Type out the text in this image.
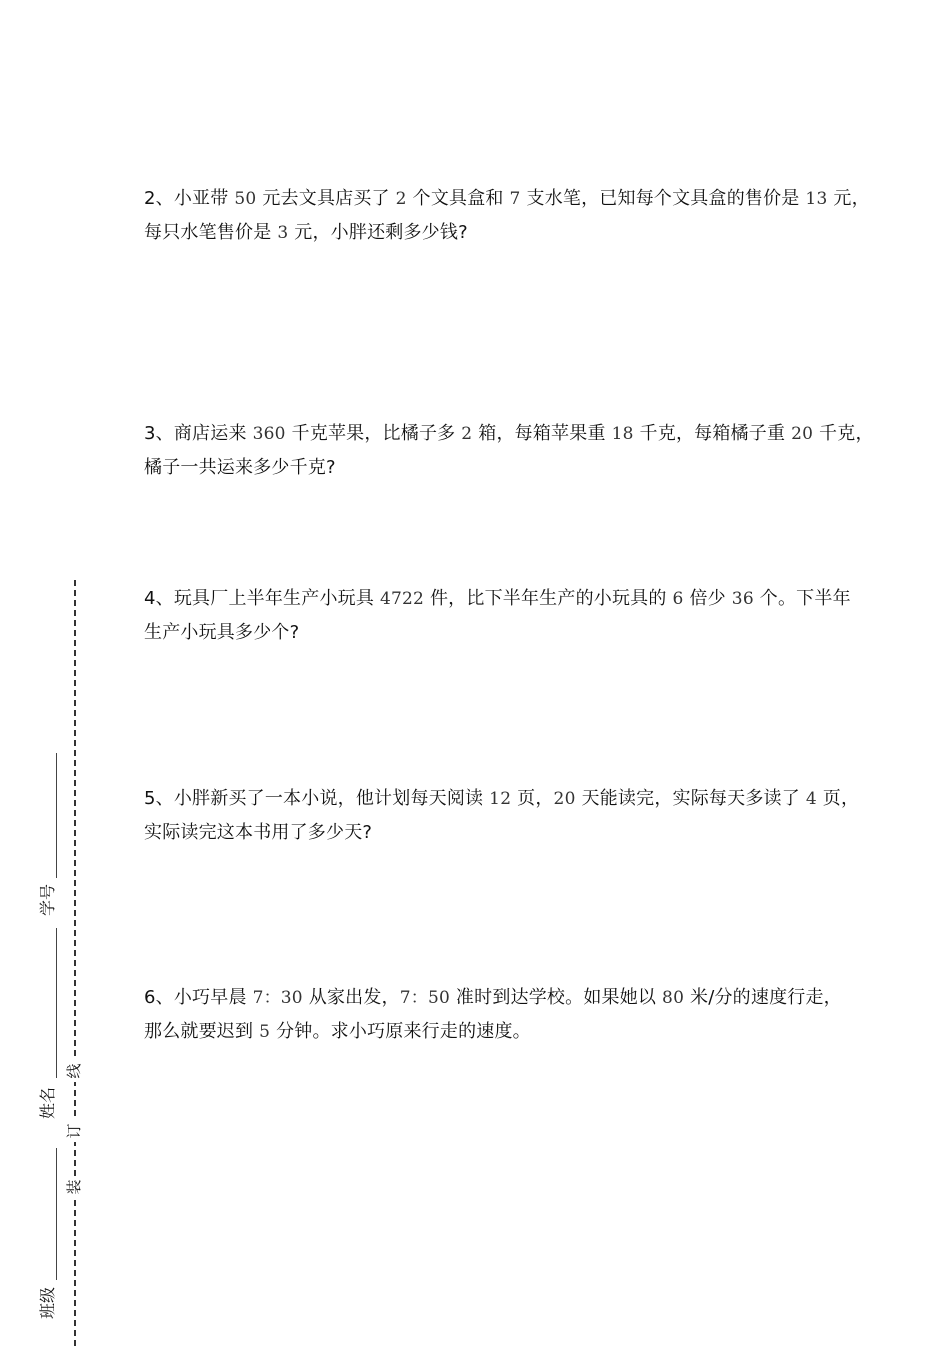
2、小亚带 50 元去文具店买了 2 个文具盒和 7 支水笔，已知每个文具盒的售价是 13 元，
每只水笔售价是 3 元，小胖还剩多少钱?
3、商店运来 360 千克苹果，比橘子多 2 箱，每箱苹果重 18 千克，每箱橘子重 20 千克，
橘子一共运来多少千克?
4、玩具厂上半年生产小玩具 4722 件，比下半年生产的小玩具的 6 倍少 36 个。下半年
生产小玩具多少个?
5、小胖新买了一本小说，他计划每天阅读 12 页，20 天能读完，实际每天多读了 4 页，
实际读完这本书用了多少天?
6、小巧早晨 7：30 从家出发，7：50 准时到达学校。如果她以 80 米/分的速度行走，
那么就要迟到 5 分钟。求小巧原来行走的速度。
学号
姓名
班级
线
订
装
